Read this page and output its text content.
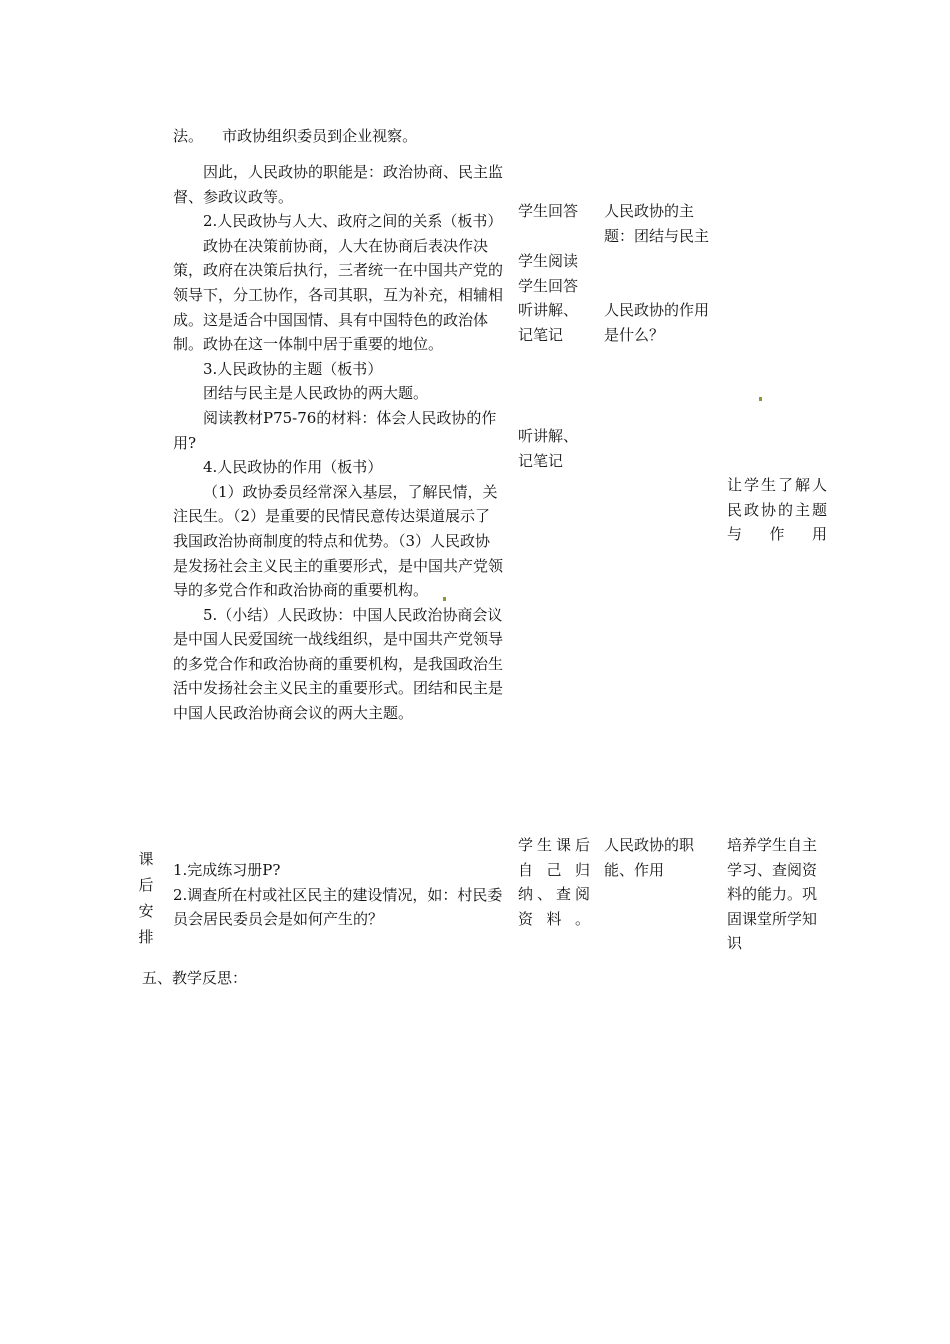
法。    市政协组织委员到企业视察。

因此，人民政协的职能是：政治协商、民主监督、参政议政等。

2.人民政协与人大、政府之间的关系（板书）

政协在决策前协商，人大在协商后表决作决策，政府在决策后执行，三者统一在中国共产党的领导下，分工协作，各司其职，互为补充，相辅相成。这是适合中国国情、具有中国特色的政治体制。政协在这一体制中居于重要的地位。

3.人民政协的主题（板书）

团结与民主是人民政协的两大题。

阅读教材P75-76的材料：体会人民政协的作用?

4.人民政协的作用（板书）

（1）政协委员经常深入基层，了解民情，关注民生。（2）是重要的民情民意传达渠道展示了我国政治协商制度的特点和优势。（3）人民政协是发扬社会主义民主的重要形式，是中国共产党领导的多党合作和政治协商的重要机构。

5.（小结）人民政协：中国人民政治协商会议是中国人民爱国统一战线组织，是中国共产党领导的多党合作和政治协商的重要机构，是我国政治生活中发扬社会主义民主的重要形式。团结和民主是中国人民政治协商会议的两大主题。

学生回答

学生阅读

学生回答

听讲解、记笔记

听讲解、记笔记

人民政协的主题：团结与民主

人民政协的作用是什么？

让学生了解人民政协的主题与作用

课
后
安
排

1.完成练习册P?

2.调查所在村或社区民主的建设情况，如：村民委员会居民委员会是如何产生的？

学生课后自己归纳、查阅资料。

人民政协的职能、作用

培养学生自主学习、查阅资料的能力。巩固课堂所学知识

五、教学反思：
